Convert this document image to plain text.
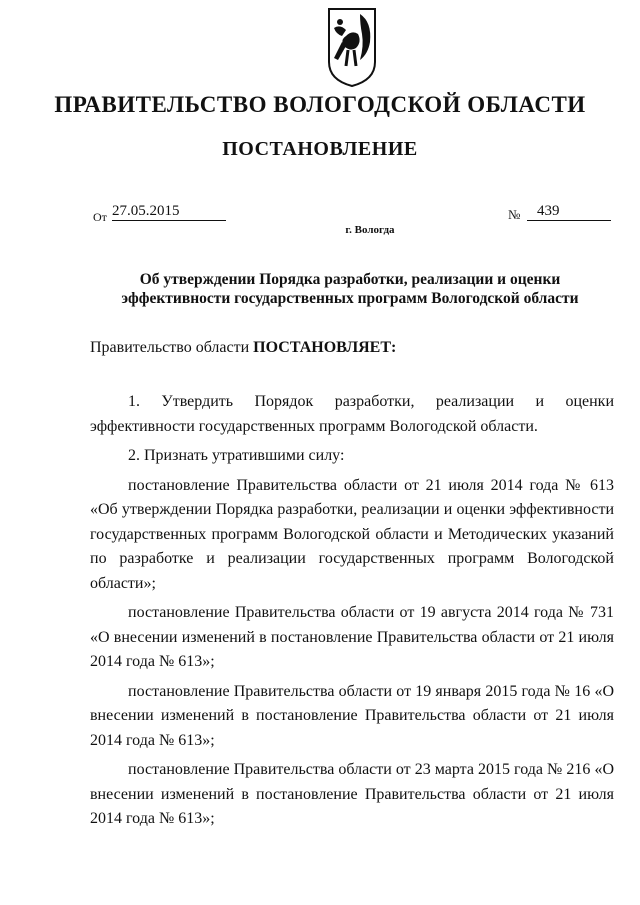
ПРАВИТЕЛЬСТВО ВОЛОГОДСКОЙ ОБЛАСТИ
ПОСТАНОВЛЕНИЕ
От 27.05.2015	№	439
г. Вологда
Об утверждении Порядка разработки, реализации и оценки эффективности государственных программ Вологодской области
Правительство области ПОСТАНОВЛЯЕТ:

1. Утвердить Порядок разработки, реализации и оценки эффективности государственных программ Вологодской области.

2. Признать утратившими силу:

постановление Правительства области от 21 июля 2014 года № 613 «Об утверждении Порядка разработки, реализации и оценки эффективности государственных программ Вологодской области и Методических указаний по разработке и реализации государственных программ Вологодской области»;

постановление Правительства области от 19 августа 2014 года № 731 «О внесении изменений в постановление Правительства области от 21 июля 2014 года № 613»;

постановление Правительства области от 19 января 2015 года № 16 «О внесении изменений в постановление Правительства области от 21 июля 2014 года № 613»;

постановление Правительства области от 23 марта 2015 года № 216 «О внесении изменений в постановление Правительства области от 21 июля 2014 года № 613»;
